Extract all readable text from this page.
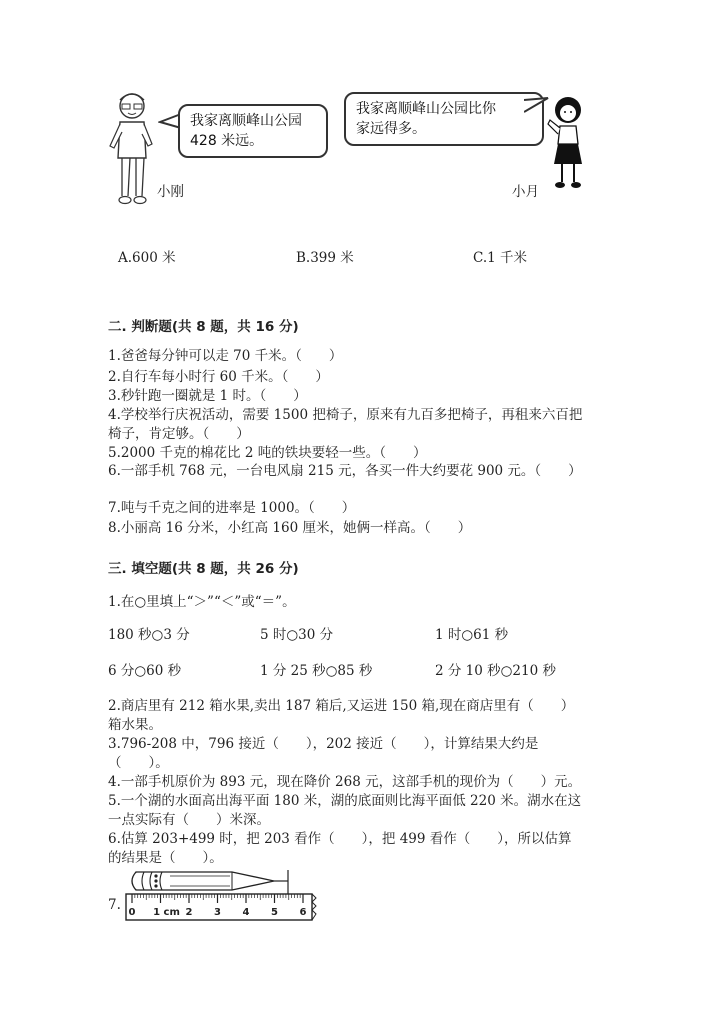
我家离顺峰山公园
428 米远。
我家离顺峰山公园比你
家远得多。
小刚	小月
A.600 米	B.399 米	C.1 千米
二. 判断题(共 8 题，共 16 分)
1.爸爸每分钟可以走 70 千米。（　　）
2.自行车每小时行 60 千米。（　　）
3.秒针跑一圈就是 1 时。（　　）
4.学校举行庆祝活动，需要 1500 把椅子，原来有九百多把椅子，再租来六百把
椅子，肯定够。（　　）
5.2000 千克的棉花比 2 吨的铁块要轻一些。（　　）
6.一部手机 768 元，一台电风扇 215 元，各买一件大约要花 900 元。（　　）
7.吨与千克之间的进率是 1000。（　　）
8.小丽高 16 分米，小红高 160 厘米，她俩一样高。（　　）
三. 填空题(共 8 题，共 26 分)
1.在○里填上“＞”“＜”或“＝”。
180 秒○3 分	5 时○30 分	1 时○61 秒
6 分○60 秒	1 分 25 秒○85 秒	2 分 10 秒○210 秒
2.商店里有 212 箱水果,卖出 187 箱后,又运进 150 箱,现在商店里有（　　）
箱水果。
3.796-208 中，796 接近（　　），202 接近（　　），计算结果大约是
（　　）。
4.一部手机原价为 893 元，现在降价 268 元，这部手机的现价为（　　）元。
5.一个湖的水面高出海平面 180 米，湖的底面则比海平面低 220 米。湖水在这
一点实际有（　　）米深。
6.估算 203+499 时，把 203 看作（　　），把 499 看作（　　），所以估算
的结果是（　　）。
7. 0 1 cm 2 3 4 5 6
